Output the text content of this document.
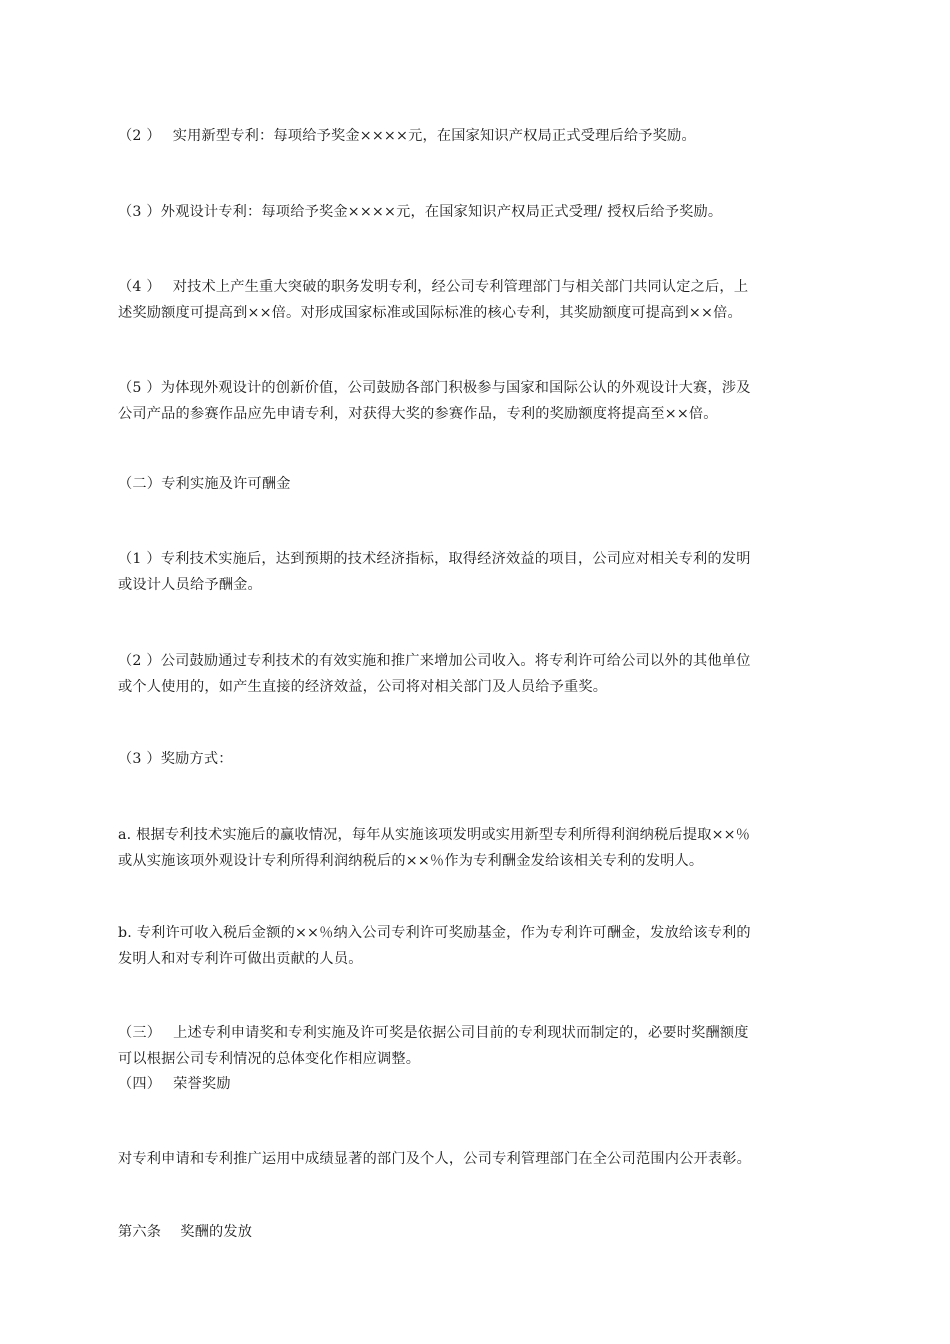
（2 ）　 实用新型专利：每项给予奖金××××元，在国家知识产权局正式受理后给予奖励。

（3 ）外观设计专利：每项给予奖金××××元，在国家知识产权局正式受理/ 授权后给予奖励。

（4 ）　 对技术上产生重大突破的职务发明专利，经公司专利管理部门与相关部门共同认定之后，上
述奖励额度可提高到××倍。对形成国家标准或国际标准的核心专利，其奖励额度可提高到××倍。

（5 ）为体现外观设计的创新价值，公司鼓励各部门积极参与国家和国际公认的外观设计大赛，涉及
公司产品的参赛作品应先申请专利，对获得大奖的参赛作品，专利的奖励额度将提高至××倍。

（二）专利实施及许可酬金

（1 ）专利技术实施后，达到预期的技术经济指标，取得经济效益的项目，公司应对相关专利的发明
或设计人员给予酬金。

（2 ）公司鼓励通过专利技术的有效实施和推广来增加公司收入。将专利许可给公司以外的其他单位
或个人使用的，如产生直接的经济效益，公司将对相关部门及人员给予重奖。

（3 ）奖励方式：

a. 根据专利技术实施后的赢收情况，每年从实施该项发明或实用新型专利所得利润纳税后提取××％
或从实施该项外观设计专利所得利润纳税后的××％作为专利酬金发给该相关专利的发明人。

b. 专利许可收入税后金额的××％纳入公司专利许可奖励基金，作为专利许可酬金，发放给该专利的
发明人和对专利许可做出贡献的人员。

（三）　 上述专利申请奖和专利实施及许可奖是依据公司目前的专利现状而制定的，必要时奖酬额度
可以根据公司专利情况的总体变化作相应调整。

（四）　 荣誉奖励

对专利申请和专利推广运用中成绩显著的部门及个人，公司专利管理部门在全公司范围内公开表彰。

第六条　 奖酬的发放
